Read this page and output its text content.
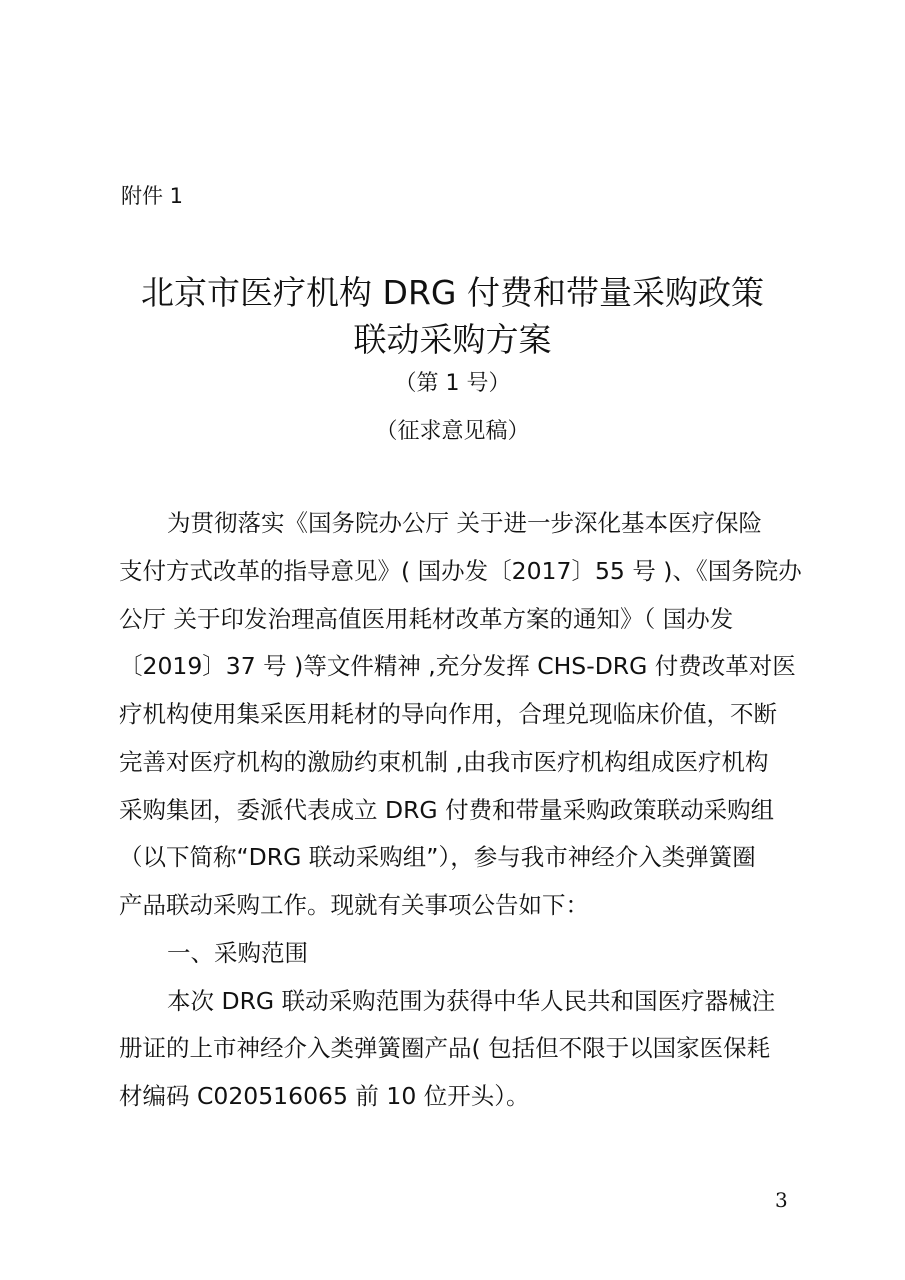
附件 1
北京市医疗机构 DRG 付费和带量采购政策
联动采购方案
（第 1 号）
（征求意见稿）
为贯彻落实《国务院办公厅 关于进一步深化基本医疗保险
支付方式改革的指导意见》( 国办发〔2017〕55 号 )、《国务院办
公厅 关于印发治理高值医用耗材改革方案的通知》（ 国办发
〔2019〕37 号 )等文件精神 ,充分发挥 CHS-DRG 付费改革对医
疗机构使用集采医用耗材的导向作用，合理兑现临床价值，不断
完善对医疗机构的激励约束机制 ,由我市医疗机构组成医疗机构
采购集团，委派代表成立 DRG 付费和带量采购政策联动采购组
（以下简称“DRG 联动采购组”），参与我市神经介入类弹簧圈
产品联动采购工作。现就有关事项公告如下：
一、采购范围
本次 DRG 联动采购范围为获得中华人民共和国医疗器械注
册证的上市神经介入类弹簧圈产品( 包括但不限于以国家医保耗
材编码 C020516065 前 10 位开头）。
3
